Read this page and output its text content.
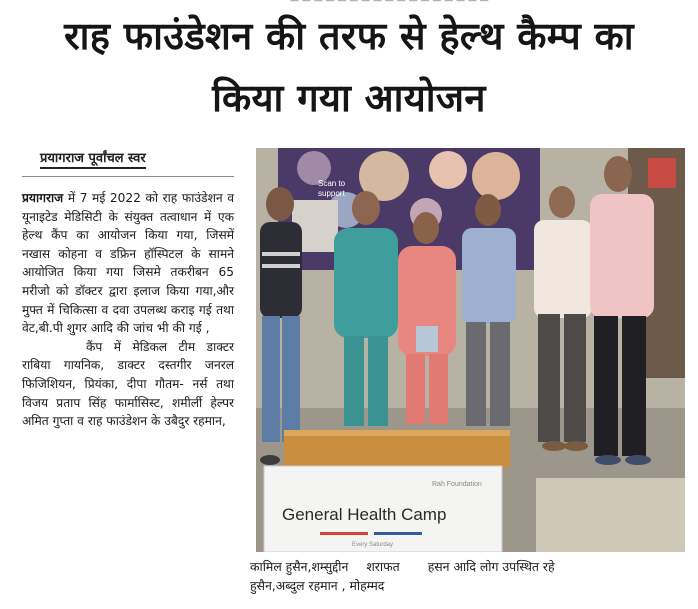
— — — — — — — — — — — — — — — — —
राह फाउंडेशन की तरफ से हेल्थ कैम्प का
किया गया आयोजन
प्रयागराज पूर्वांचल स्वर

प्रयागराज में 7 मई 2022 को राह फाउंडेशन व यूनाइटेड मेडिसिटी के संयुक्त तत्वाधान में एक हेल्थ कैंप का आयोजन किया गया, जिसमें नखास कोहना व डफ्रिन हॉस्पिटल के सामने आयोजित किया गया जिसमे तकरीबन 65 मरीजो को डॉक्टर द्वारा इलाज किया गया,और मुफ्त में चिकित्सा व दवा उपलब्ध कराइ गई तथा वेट,बी.पी शुगर आदि की जांच भी की गई ,

कैंप में मेडिकल टीम डाक्टर राबिया गायनिक, डाक्टर दस्तगीर जनरल फिजिशियन, प्रियंका, दीपा गौतम- नर्स तथा विजय प्रताप सिंह फार्मासिस्ट, शमीर्ली हेल्पर अमित गुप्ता व राह फाउंडेशन के उबैदुर रहमान,

Scan to
support
Rah Foundation
General Health Camp
Every Saturday
कामिल हुसैन,शम्सुद्दीन शराफत हसन आदि लोग उपस्थित रहे
हुसैन,अब्दुल रहमान , मोहम्मद
